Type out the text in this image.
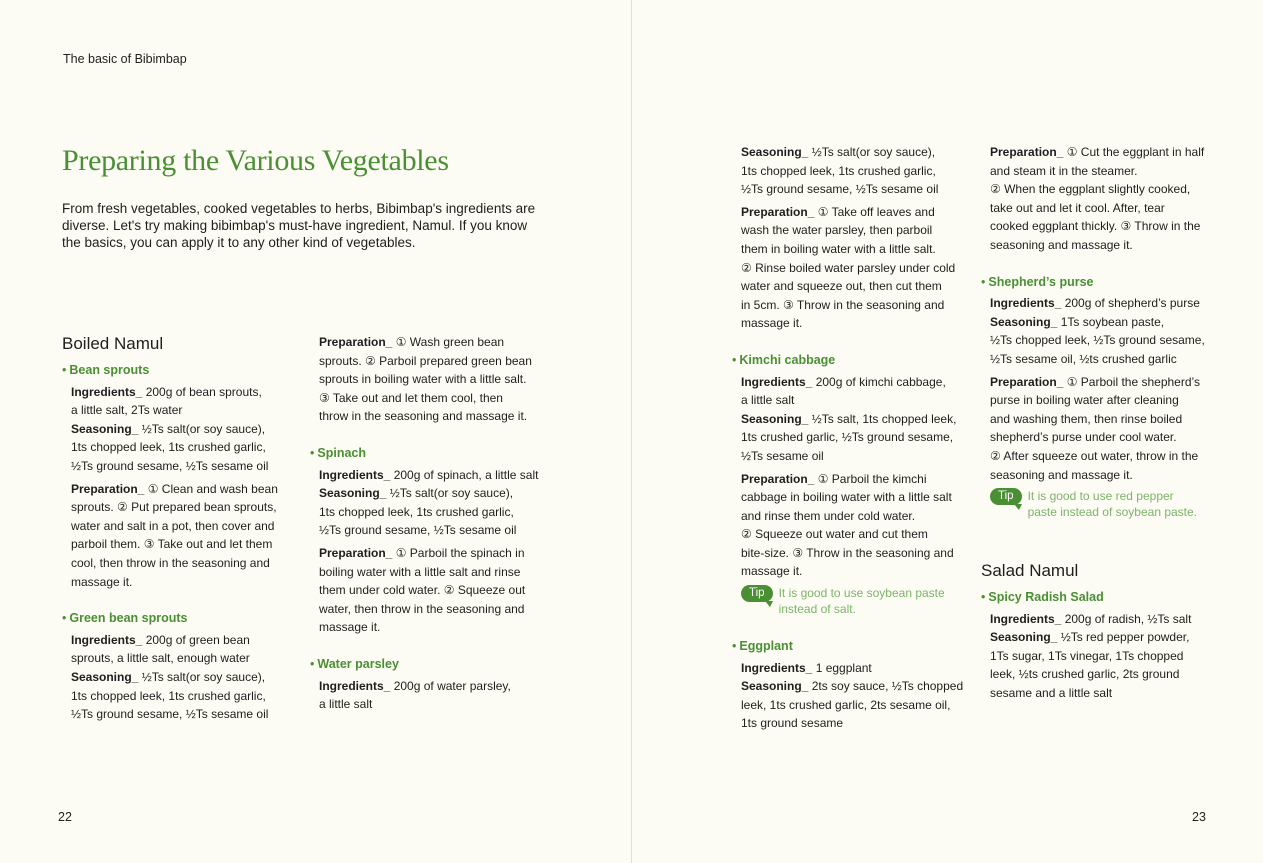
The basic of Bibimbap
Preparing the Various Vegetables

From fresh vegetables, cooked vegetables to herbs, Bibimbap's ingredients are diverse. Let's try making bibimbap's must-have ingredient, Namul. If you know the basics, you can apply it to any other kind of vegetables.

Boiled Namul
• Bean sprouts
Ingredients_ 200g of bean sprouts,
a little salt, 2Ts water
Seasoning_ ½Ts salt(or soy sauce),
1ts chopped leek, 1ts crushed garlic,
½Ts ground sesame, ½Ts sesame oil
Preparation_ ① Clean and wash bean
sprouts. ② Put prepared bean sprouts,
water and salt in a pot, then cover and
parboil them. ③ Take out and let them
cool, then throw in the seasoning and
massage it.
• Green bean sprouts
Ingredients_ 200g of green bean
sprouts, a little salt, enough water
Seasoning_ ½Ts salt(or soy sauce),
1ts chopped leek, 1ts crushed garlic,
½Ts ground sesame, ½Ts sesame oil
Preparation_ ① Wash green bean
sprouts. ② Parboil prepared green bean
sprouts in boiling water with a little salt.
③ Take out and let them cool, then
throw in the seasoning and massage it.
• Spinach
Ingredients_ 200g of spinach, a little salt
Seasoning_ ½Ts salt(or soy sauce),
1ts chopped leek, 1ts crushed garlic,
½Ts ground sesame, ½Ts sesame oil
Preparation_ ① Parboil the spinach in
boiling water with a little salt and rinse
them under cold water. ② Squeeze out
water, then throw in the seasoning and
massage it.
• Water parsley
Ingredients_ 200g of water parsley,
a little salt
22
Seasoning_ ½Ts salt(or soy sauce),
1ts chopped leek, 1ts crushed garlic,
½Ts ground sesame, ½Ts sesame oil
Preparation_ ① Take off leaves and
wash the water parsley, then parboil
them in boiling water with a little salt.
② Rinse boiled water parsley under cold
water and squeeze out, then cut them
in 5cm. ③ Throw in the seasoning and
massage it.
• Kimchi cabbage
Ingredients_ 200g of kimchi cabbage,
a little salt
Seasoning_ ½Ts salt, 1ts chopped leek,
1ts crushed garlic, ½Ts ground sesame,
½Ts sesame oil
Preparation_ ① Parboil the kimchi
cabbage in boiling water with a little salt
and rinse them under cold water.
② Squeeze out water and cut them
bite-size. ③ Throw in the seasoning and
massage it.
Tip	It is good to use soybean paste
instead of salt.
• Eggplant
Ingredients_ 1 eggplant
Seasoning_ 2ts soy sauce, ½Ts chopped
leek, 1ts crushed garlic, 2ts sesame oil,
1ts ground sesame
Preparation_ ① Cut the eggplant in half
and steam it in the steamer.
② When the eggplant slightly cooked,
take out and let it cool. After, tear
cooked eggplant thickly. ③ Throw in the
seasoning and massage it.
• Shepherd’s purse
Ingredients_ 200g of shepherd’s purse
Seasoning_ 1Ts soybean paste,
½Ts chopped leek, ½Ts ground sesame,
½Ts sesame oil, ½ts crushed garlic
Preparation_ ① Parboil the shepherd’s
purse in boiling water after cleaning
and washing them, then rinse boiled
shepherd’s purse under cool water.
② After squeeze out water, throw in the
seasoning and massage it.
Tip	It is good to use red pepper
paste instead of soybean paste.
Salad Namul
• Spicy Radish Salad
Ingredients_ 200g of radish, ½Ts salt
Seasoning_ ½Ts red pepper powder,
1Ts sugar, 1Ts vinegar, 1Ts chopped
leek, ½ts crushed garlic, 2ts ground
sesame and a little salt
23
